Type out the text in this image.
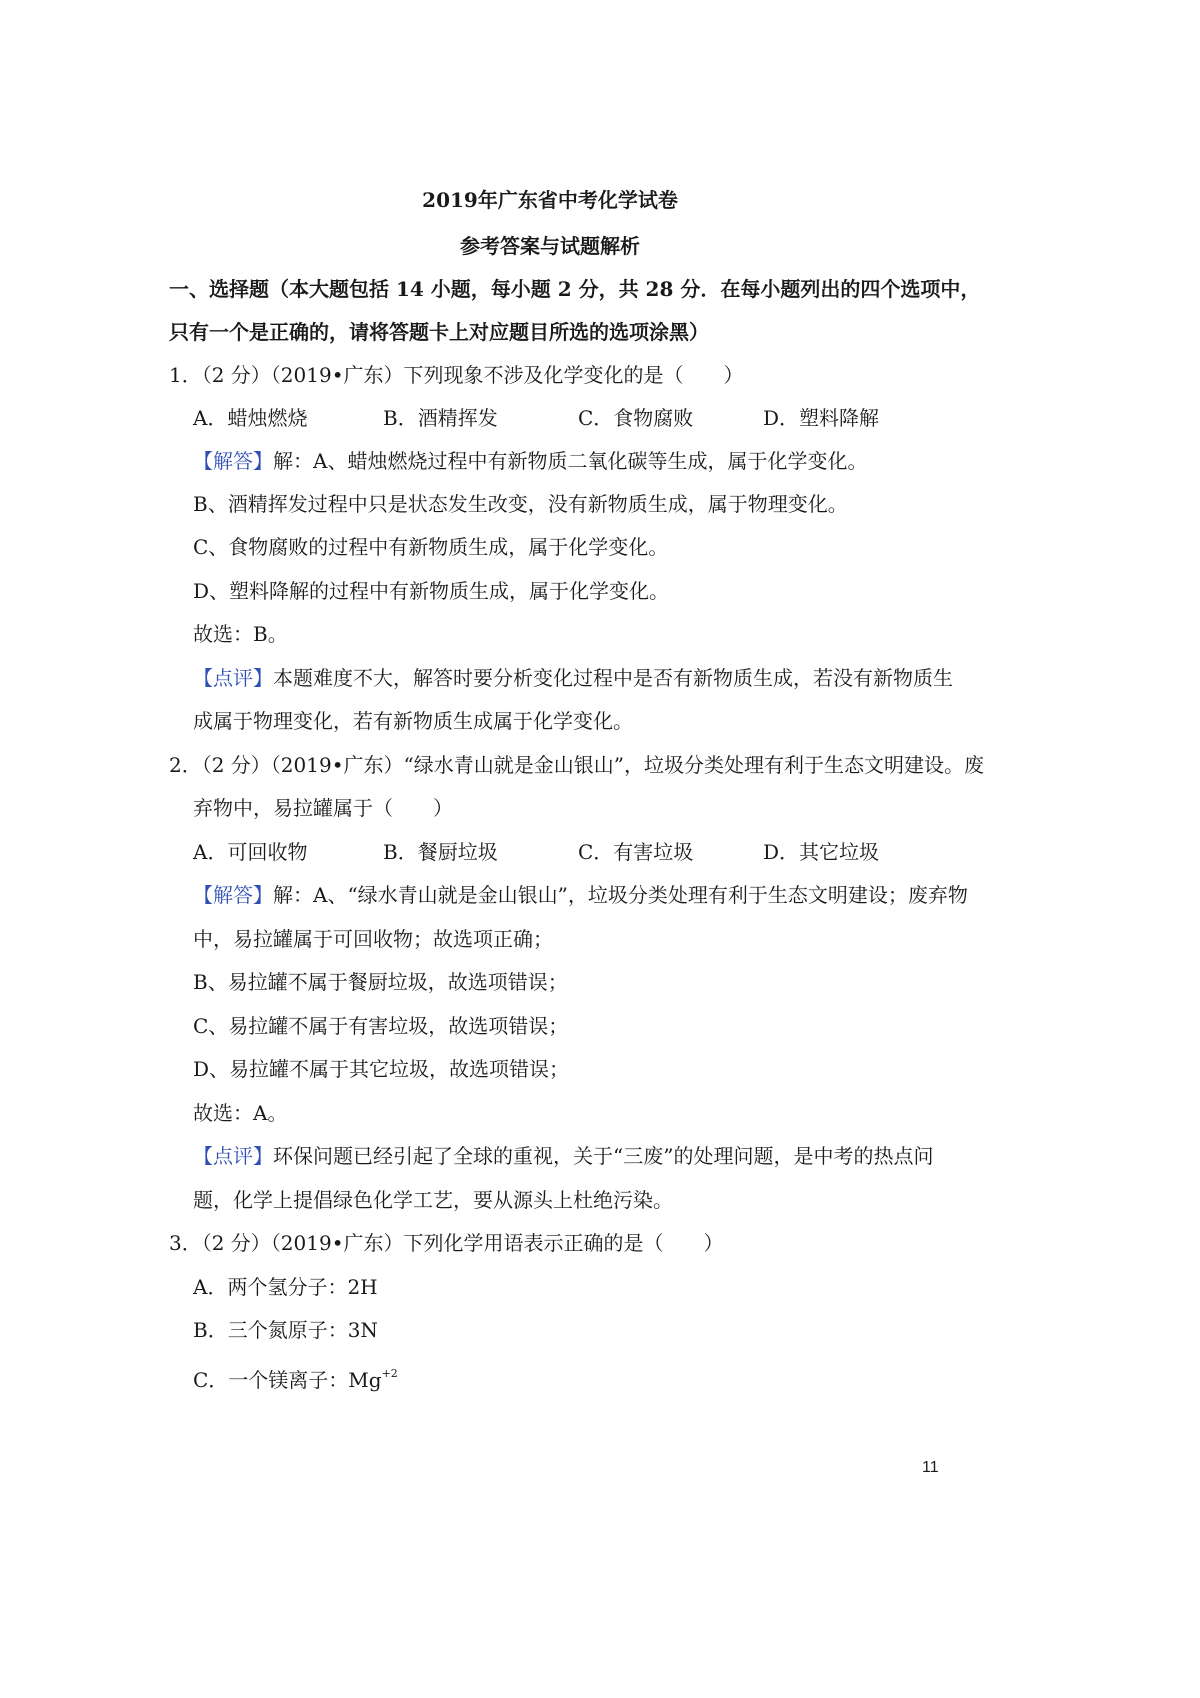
2019年广东省中考化学试卷
参考答案与试题解析
一、选择题（本大题包括 14 小题，每小题 2 分，共 28 分．在每小题列出的四个选项中，
只有一个是正确的，请将答题卡上对应题目所选的选项涂黑）
1．（2 分）（2019•广东）下列现象不涉及化学变化的是（　　）
A．蜡烛燃烧	B．酒精挥发	C．食物腐败	D．塑料降解
【解答】解：A、蜡烛燃烧过程中有新物质二氧化碳等生成，属于化学变化。
B、酒精挥发过程中只是状态发生改变，没有新物质生成，属于物理变化。
C、食物腐败的过程中有新物质生成，属于化学变化。
D、塑料降解的过程中有新物质生成，属于化学变化。
故选：B。
【点评】本题难度不大，解答时要分析变化过程中是否有新物质生成，若没有新物质生
成属于物理变化，若有新物质生成属于化学变化。
2．（2 分）（2019•广东）“绿水青山就是金山银山”，垃圾分类处理有利于生态文明建设。废
弃物中，易拉罐属于（　　）
A．可回收物	B．餐厨垃圾	C．有害垃圾	D．其它垃圾
【解答】解：A、“绿水青山就是金山银山”，垃圾分类处理有利于生态文明建设；废弃物
中，易拉罐属于可回收物；故选项正确；
B、易拉罐不属于餐厨垃圾，故选项错误；
C、易拉罐不属于有害垃圾，故选项错误；
D、易拉罐不属于其它垃圾，故选项错误；
故选：A。
【点评】环保问题已经引起了全球的重视，关于“三废”的处理问题，是中考的热点问
题，化学上提倡绿色化学工艺，要从源头上杜绝污染。
3．（2 分）（2019•广东）下列化学用语表示正确的是（　　）
A．两个氢分子：2H
B．三个氮原子：3N
C．一个镁离子：$Mg^{+2}$
11
